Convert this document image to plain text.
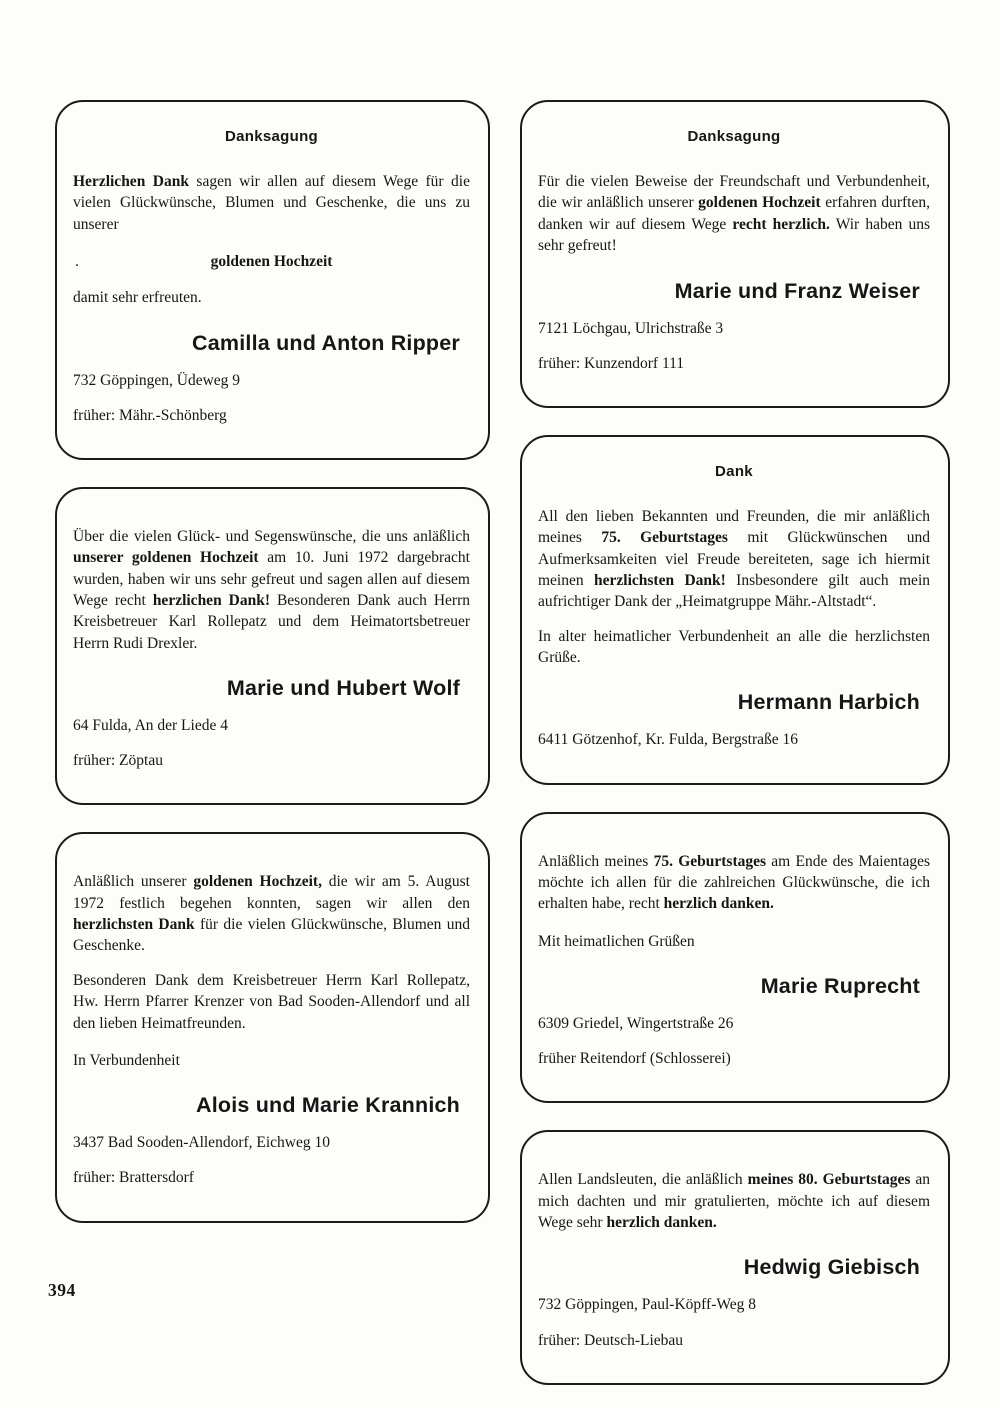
Danksagung

Herzlichen Dank sagen wir allen auf diesem Wege für die vielen Glückwünsche, Blumen und Geschenke, die uns zu unserer

.	goldenen Hochzeit

damit sehr erfreuten.

Camilla und Anton Ripper

732 Göppingen, Üdeweg 9

früher: Mähr.-Schönberg

Über die vielen Glück- und Segenswünsche, die uns anläßlich unserer goldenen Hochzeit am 10. Juni 1972 dargebracht wurden, haben wir uns sehr gefreut und sagen allen auf diesem Wege recht herzlichen Dank! Besonderen Dank auch Herrn Kreisbetreuer Karl Rollepatz und dem Heimatortsbetreuer Herrn Rudi Drexler.

Marie und Hubert Wolf

64 Fulda, An der Liede 4

früher: Zöptau

Anläßlich unserer goldenen Hochzeit, die wir am 5. August 1972 festlich begehen konnten, sagen wir allen den herzlichsten Dank für die vielen Glückwünsche, Blumen und Geschenke.

Besonderen Dank dem Kreisbetreuer Herrn Karl Rollepatz, Hw. Herrn Pfarrer Krenzer von Bad Sooden-Allendorf und all den lieben Heimatfreunden.

In Verbundenheit

Alois und Marie Krannich

3437 Bad Sooden-Allendorf, Eichweg 10

früher: Brattersdorf

Danksagung

Für die vielen Beweise der Freundschaft und Verbundenheit, die wir anläßlich unserer goldenen Hochzeit erfahren durften, danken wir auf diesem Wege recht herzlich. Wir haben uns sehr gefreut!

Marie und Franz Weiser

7121 Löchgau, Ulrichstraße 3

früher: Kunzendorf 111

Dank

All den lieben Bekannten und Freunden, die mir anläßlich meines 75. Geburtstages mit Glückwünschen und Aufmerksamkeiten viel Freude bereiteten, sage ich hiermit meinen herzlichsten Dank! Insbesondere gilt auch mein aufrichtiger Dank der „Heimatgruppe Mähr.-Altstadt“.

In alter heimatlicher Verbundenheit an alle die herzlichsten Grüße.

Hermann Harbich

6411 Götzenhof, Kr. Fulda, Bergstraße 16

Anläßlich meines 75. Geburtstages am Ende des Maientages möchte ich allen für die zahlreichen Glückwünsche, die ich erhalten habe, recht herzlich danken.

Mit heimatlichen Grüßen

Marie Ruprecht

6309 Griedel, Wingertstraße 26

früher Reitendorf (Schlosserei)

Allen Landsleuten, die anläßlich meines 80. Geburtstages an mich dachten und mir gratulierten, möchte ich auf diesem Wege sehr herzlich danken.

Hedwig Giebisch

732 Göppingen, Paul-Köpff-Weg 8

früher: Deutsch-Liebau

394
